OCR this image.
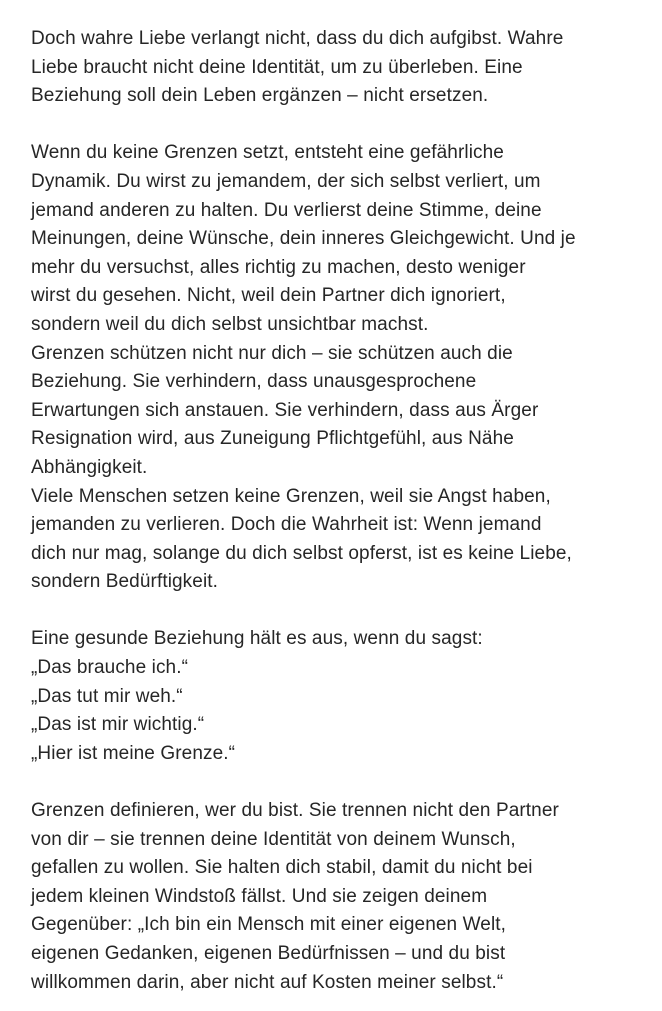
Doch wahre Liebe verlangt nicht, dass du dich aufgibst. Wahre
Liebe braucht nicht deine Identität, um zu überleben. Eine
Beziehung soll dein Leben ergänzen – nicht ersetzen.

Wenn du keine Grenzen setzt, entsteht eine gefährliche
Dynamik. Du wirst zu jemandem, der sich selbst verliert, um
jemand anderen zu halten. Du verlierst deine Stimme, deine
Meinungen, deine Wünsche, dein inneres Gleichgewicht. Und je
mehr du versuchst, alles richtig zu machen, desto weniger
wirst du gesehen. Nicht, weil dein Partner dich ignoriert,
sondern weil du dich selbst unsichtbar machst.
Grenzen schützen nicht nur dich – sie schützen auch die
Beziehung. Sie verhindern, dass unausgesprochene
Erwartungen sich anstauen. Sie verhindern, dass aus Ärger
Resignation wird, aus Zuneigung Pflichtgefühl, aus Nähe
Abhängigkeit.
Viele Menschen setzen keine Grenzen, weil sie Angst haben,
jemanden zu verlieren. Doch die Wahrheit ist: Wenn jemand
dich nur mag, solange du dich selbst opferst, ist es keine Liebe,
sondern Bedürftigkeit.

Eine gesunde Beziehung hält es aus, wenn du sagst:
„Das brauche ich.“
„Das tut mir weh.“
„Das ist mir wichtig.“
„Hier ist meine Grenze.“

Grenzen definieren, wer du bist. Sie trennen nicht den Partner
von dir – sie trennen deine Identität von deinem Wunsch,
gefallen zu wollen. Sie halten dich stabil, damit du nicht bei
jedem kleinen Windstoß fällst. Und sie zeigen deinem
Gegenüber: „Ich bin ein Mensch mit einer eigenen Welt,
eigenen Gedanken, eigenen Bedürfnissen – und du bist
willkommen darin, aber nicht auf Kosten meiner selbst.“
